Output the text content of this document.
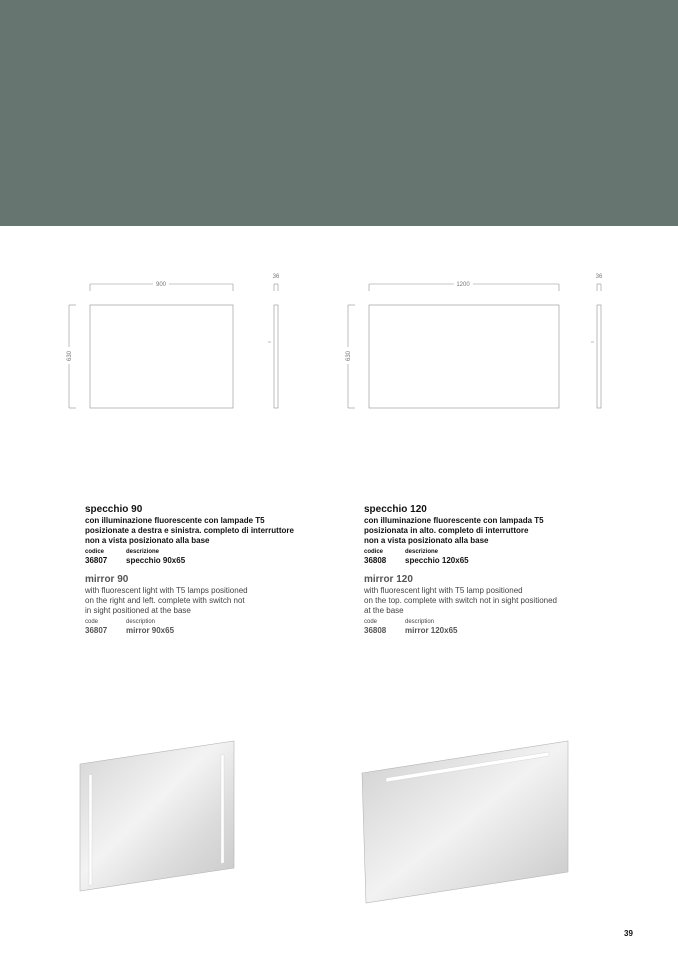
900
36
630
1200
36
630
specchio 90
con illuminazione fluorescente con lampade T5
posizionate a destra e sinistra. completo di interruttore
non a vista posizionato alla base
codice	descrizione
36807	specchio 90x65
mirror 90
with fluorescent light with T5 lamps positioned
on the right and left. complete with switch not
in sight positioned at the base
code	description
36807	mirror 90x65
specchio 120
con illuminazione fluorescente con lampada T5
posizionata in alto. completo di interruttore
non a vista posizionato alla base
codice	descrizione
36808	specchio 120x65
mirror 120
with fluorescent light with T5 lamp positioned
on the top. complete with switch not in sight positioned
at the base
code	description
36808	mirror 120x65
39
